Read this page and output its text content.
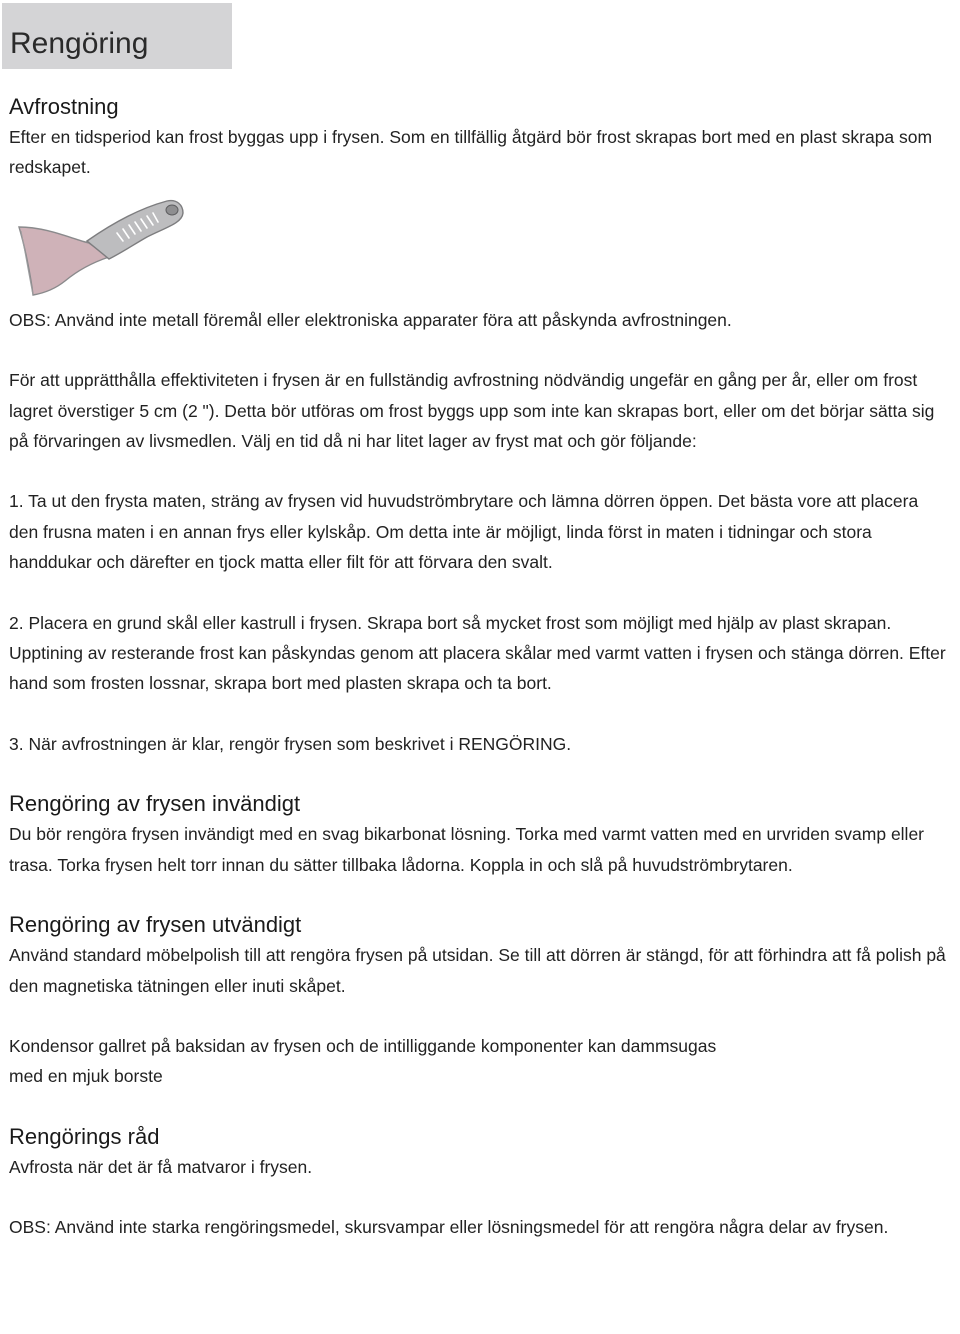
Rengöring
Avfrostning

Efter en tidsperiod kan frost byggas upp i frysen. Som en tillfällig åtgärd bör frost skrapas bort med en plast skrapa som redskapet.

OBS: Använd inte metall föremål eller elektroniska apparater föra att påskynda avfrostningen.

För att upprätthålla effektiviteten i frysen är en fullständig avfrostning nödvändig ungefär en gång per år, eller om frost lagret överstiger 5 cm (2 "). Detta bör utföras om frost byggs upp som inte kan skrapas bort, eller om det börjar sätta sig på förvaringen av livsmedlen. Välj en tid då ni har litet lager av fryst mat och gör följande:

1. Ta ut den frysta maten, sträng av frysen vid huvudströmbrytare och lämna dörren öppen. Det bästa vore att placera den frusna maten i en annan frys eller kylskåp. Om detta inte är möjligt, linda först in maten i tidningar och stora handdukar och därefter en tjock matta eller filt för att förvara den svalt.

2. Placera en grund skål eller kastrull i frysen. Skrapa bort så mycket frost som möjligt med hjälp av plast skrapan. Upptining av resterande frost kan påskyndas genom att placera skålar med varmt vatten i frysen och stänga dörren. Efter hand som frosten lossnar, skrapa bort med plasten skrapa och ta bort.

3. När avfrostningen är klar, rengör frysen som beskrivet i RENGÖRING.

Rengöring av frysen invändigt

Du bör rengöra frysen invändigt med en svag bikarbonat lösning. Torka med varmt vatten med en urvriden svamp eller trasa. Torka frysen helt torr innan du sätter tillbaka lådorna. Koppla in och slå på huvudströmbrytaren.

Rengöring av frysen utvändigt

Använd standard möbelpolish till att rengöra frysen på utsidan. Se till att dörren är stängd, för att förhindra att få polish på den magnetiska tätningen eller inuti skåpet.

Kondensor gallret på baksidan av frysen och de intilliggande komponenter kan dammsugas

med en mjuk borste

Rengörings råd

Avfrosta när det är få matvaror i frysen.

OBS: Använd inte starka rengöringsmedel, skursvampar eller lösningsmedel för att rengöra några delar av frysen.
